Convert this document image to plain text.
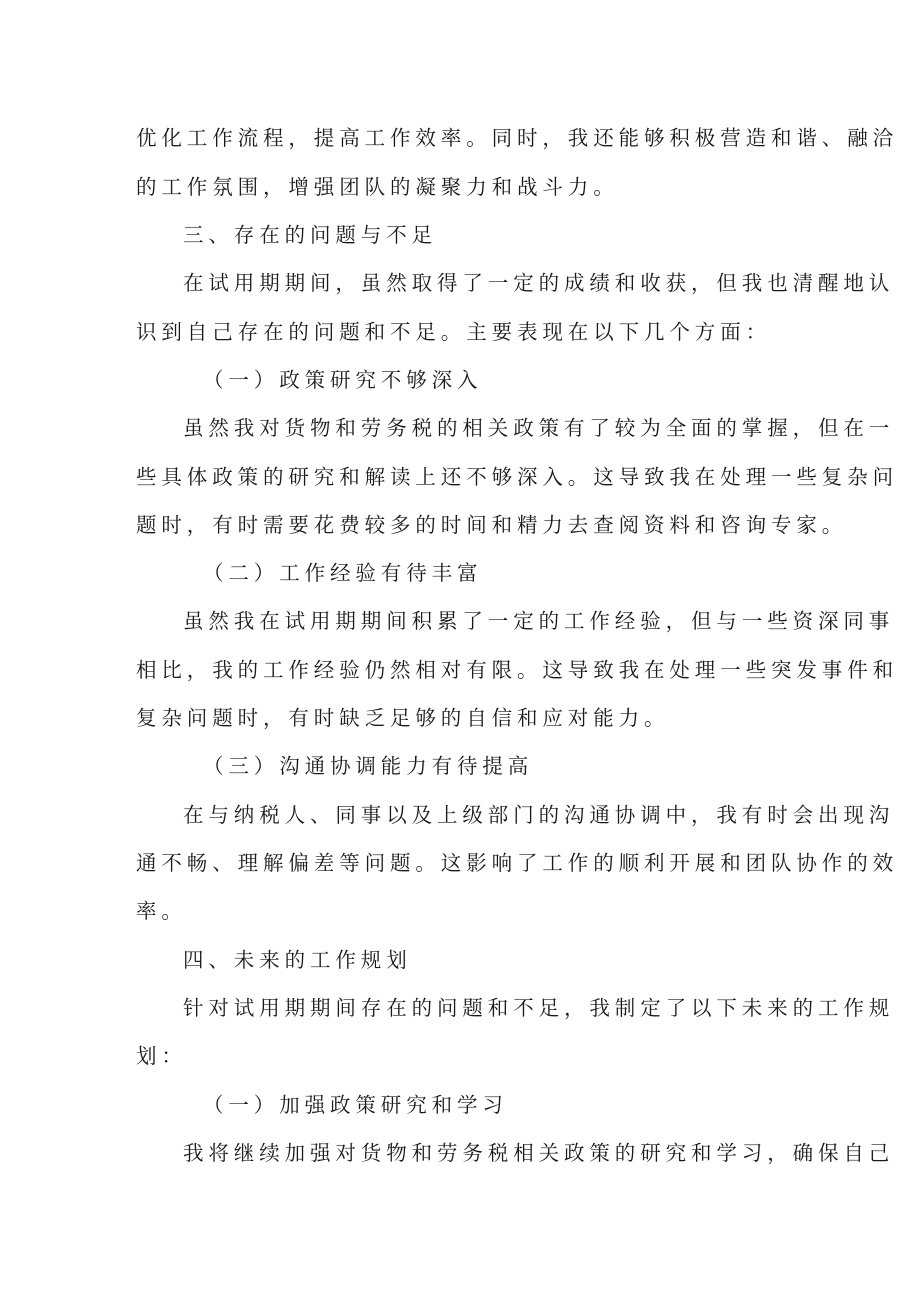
优化工作流程，提高工作效率。同时，我还能够积极营造和谐、融洽
的工作氛围，增强团队的凝聚力和战斗力。
三、存在的问题与不足
在试用期期间，虽然取得了一定的成绩和收获，但我也清醒地认
识到自己存在的问题和不足。主要表现在以下几个方面：
（一）政策研究不够深入
虽然我对货物和劳务税的相关政策有了较为全面的掌握，但在一
些具体政策的研究和解读上还不够深入。这导致我在处理一些复杂问
题时，有时需要花费较多的时间和精力去查阅资料和咨询专家。
（二）工作经验有待丰富
虽然我在试用期期间积累了一定的工作经验，但与一些资深同事
相比，我的工作经验仍然相对有限。这导致我在处理一些突发事件和
复杂问题时，有时缺乏足够的自信和应对能力。
（三）沟通协调能力有待提高
在与纳税人、同事以及上级部门的沟通协调中，我有时会出现沟
通不畅、理解偏差等问题。这影响了工作的顺利开展和团队协作的效
率。
四、未来的工作规划
针对试用期期间存在的问题和不足，我制定了以下未来的工作规
划：
（一）加强政策研究和学习
我将继续加强对货物和劳务税相关政策的研究和学习，确保自己
